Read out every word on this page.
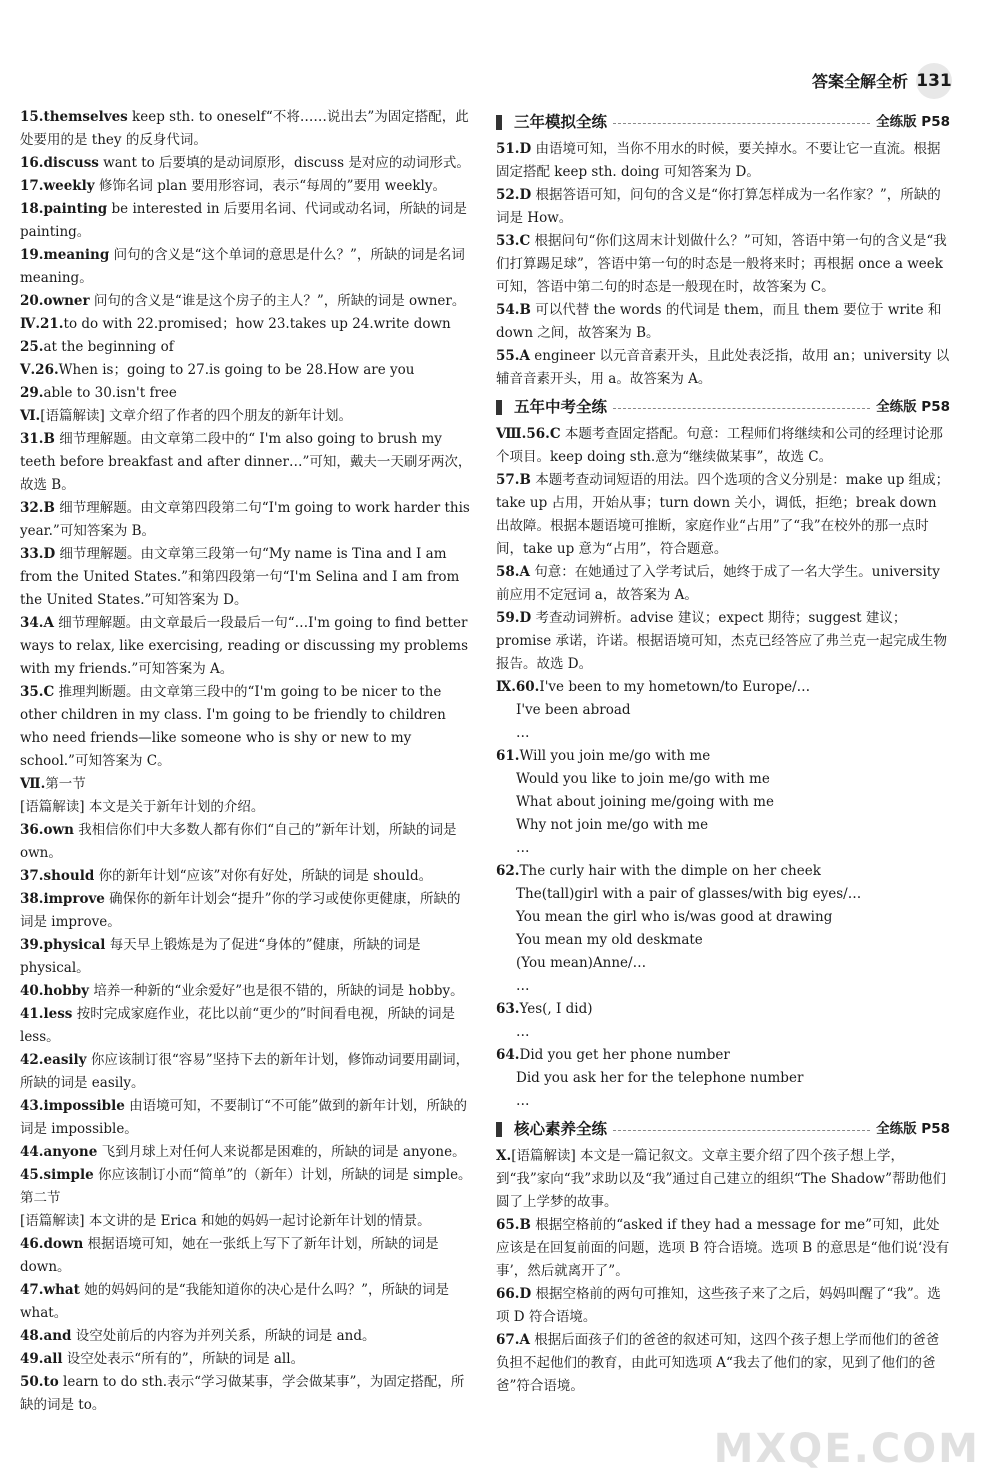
答案全解全析 131

15.themselves keep sth. to oneself“不将……说出去”为固定搭配，此处要用的是 they 的反身代词。

16.discuss want to 后要填的是动词原形，discuss 是对应的动词形式。

17.weekly 修饰名词 plan 要用形容词，表示“每周的”要用 weekly。

18.painting be interested in 后要用名词、代词或动名词，所缺的词是 painting。

19.meaning 问句的含义是“这个单词的意思是什么？”，所缺的词是名词 meaning。

20.owner 问句的含义是“谁是这个房子的主人？”，所缺的词是 owner。

Ⅳ.21.to do with 22.promised；how 23.takes up 24.write down

25.at the beginning of

Ⅴ.26.When is；going to 27.is going to be 28.How are you

29.able to 30.isn't free

Ⅵ.[语篇解读] 文章介绍了作者的四个朋友的新年计划。

31.B 细节理解题。由文章第二段中的“ I'm also going to brush my teeth before breakfast and after dinner…”可知，戴夫一天刷牙两次，故选 B。

32.B 细节理解题。由文章第四段第二句“I'm going to work harder this year.”可知答案为 B。

33.D 细节理解题。由文章第三段第一句“My name is Tina and I am from the United States.”和第四段第一句“I'm Selina and I am from the United States.”可知答案为 D。

34.A 细节理解题。由文章最后一段最后一句“…I'm going to find better ways to relax, like exercising, reading or discussing my problems with my friends.”可知答案为 A。

35.C 推理判断题。由文章第三段中的“I'm going to be nicer to the other children in my class. I'm going to be friendly to children who need friends—like someone who is shy or new to my school.”可知答案为 C。

Ⅶ.第一节

[语篇解读] 本文是关于新年计划的介绍。

36.own 我相信你们中大多数人都有你们“自己的”新年计划，所缺的词是 own。

37.should 你的新年计划“应该”对你有好处，所缺的词是 should。

38.improve 确保你的新年计划会“提升”你的学习或使你更健康，所缺的词是 improve。

39.physical 每天早上锻炼是为了促进“身体的”健康，所缺的词是 physical。

40.hobby 培养一种新的“业余爱好”也是很不错的，所缺的词是 hobby。

41.less 按时完成家庭作业，花比以前“更少的”时间看电视，所缺的词是 less。

42.easily 你应该制订很“容易”坚持下去的新年计划，修饰动词要用副词，所缺的词是 easily。

43.impossible 由语境可知，不要制订“不可能”做到的新年计划，所缺的词是 impossible。

44.anyone 飞到月球上对任何人来说都是困难的，所缺的词是 anyone。

45.simple 你应该制订小而“简单”的（新年）计划，所缺的词是 simple。

第二节

[语篇解读] 本文讲的是 Erica 和她的妈妈一起讨论新年计划的情景。

46.down 根据语境可知，她在一张纸上写下了新年计划，所缺的词是 down。

47.what 她的妈妈问的是“我能知道你的决心是什么吗？”，所缺的词是 what。

48.and 设空处前后的内容为并列关系，所缺的词是 and。

49.all 设空处表示“所有的”，所缺的词是 all。

50.to learn to do sth.表示“学习做某事，学会做某事”，为固定搭配，所缺的词是 to。

三年模拟全练	全练版 P58

51.D 由语境可知，当你不用水的时候，要关掉水。不要让它一直流。根据固定搭配 keep sth. doing 可知答案为 D。

52.D 根据答语可知，问句的含义是“你打算怎样成为一名作家？”，所缺的词是 How。

53.C 根据问句“你们这周末计划做什么？”可知，答语中第一句的含义是“我们打算踢足球”，答语中第一句的时态是一般将来时；再根据 once a week 可知，答语中第二句的时态是一般现在时，故答案为 C。

54.B 可以代替 the words 的代词是 them，而且 them 要位于 write 和 down 之间，故答案为 B。

55.A engineer 以元音音素开头，且此处表泛指，故用 an；university 以辅音音素开头，用 a。故答案为 A。

五年中考全练	全练版 P58

Ⅷ.56.C 本题考查固定搭配。句意：工程师们将继续和公司的经理讨论那个项目。keep doing sth.意为“继续做某事”，故选 C。

57.B 本题考查动词短语的用法。四个选项的含义分别是：make up 组成；take up 占用，开始从事；turn down 关小，调低，拒绝；break down 出故障。根据本题语境可推断，家庭作业“占用”了“我”在校外的那一点时间，take up 意为“占用”，符合题意。

58.A 句意：在她通过了入学考试后，她终于成了一名大学生。university 前应用不定冠词 a，故答案为 A。

59.D 考查动词辨析。advise 建议；expect 期待；suggest 建议；promise 承诺，许诺。根据语境可知，杰克已经答应了弗兰克一起完成生物报告。故选 D。

Ⅸ.60.I've been to my hometown/to Europe/…

I've been abroad

…

61.Will you join me/go with me

Would you like to join me/go with me

What about joining me/going with me

Why not join me/go with me

…

62.The curly hair with the dimple on her cheek

The(tall)girl with a pair of glasses/with big eyes/…

You mean the girl who is/was good at drawing

You mean my old deskmate

(You mean)Anne/…

…

63.Yes(, I did)

…

64.Did you get her phone number

Did you ask her for the telephone number

…

核心素养全练	全练版 P58

Ⅹ.[语篇解读] 本文是一篇记叙文。文章主要介绍了四个孩子想上学，到“我”家向“我”求助以及“我”通过自己建立的组织“The Shadow”帮助他们圆了上学梦的故事。

65.B 根据空格前的“asked if they had a message for me”可知，此处应该是在回复前面的问题，选项 B 符合语境。选项 B 的意思是“他们说‘没有事’，然后就离开了”。

66.D 根据空格前的两句可推知，这些孩子来了之后，妈妈叫醒了“我”。选项 D 符合语境。

67.A 根据后面孩子们的爸爸的叙述可知，这四个孩子想上学而他们的爸爸负担不起他们的教育，由此可知选项 A“我去了他们的家，见到了他们的爸爸”符合语境。

MXQE.COM
